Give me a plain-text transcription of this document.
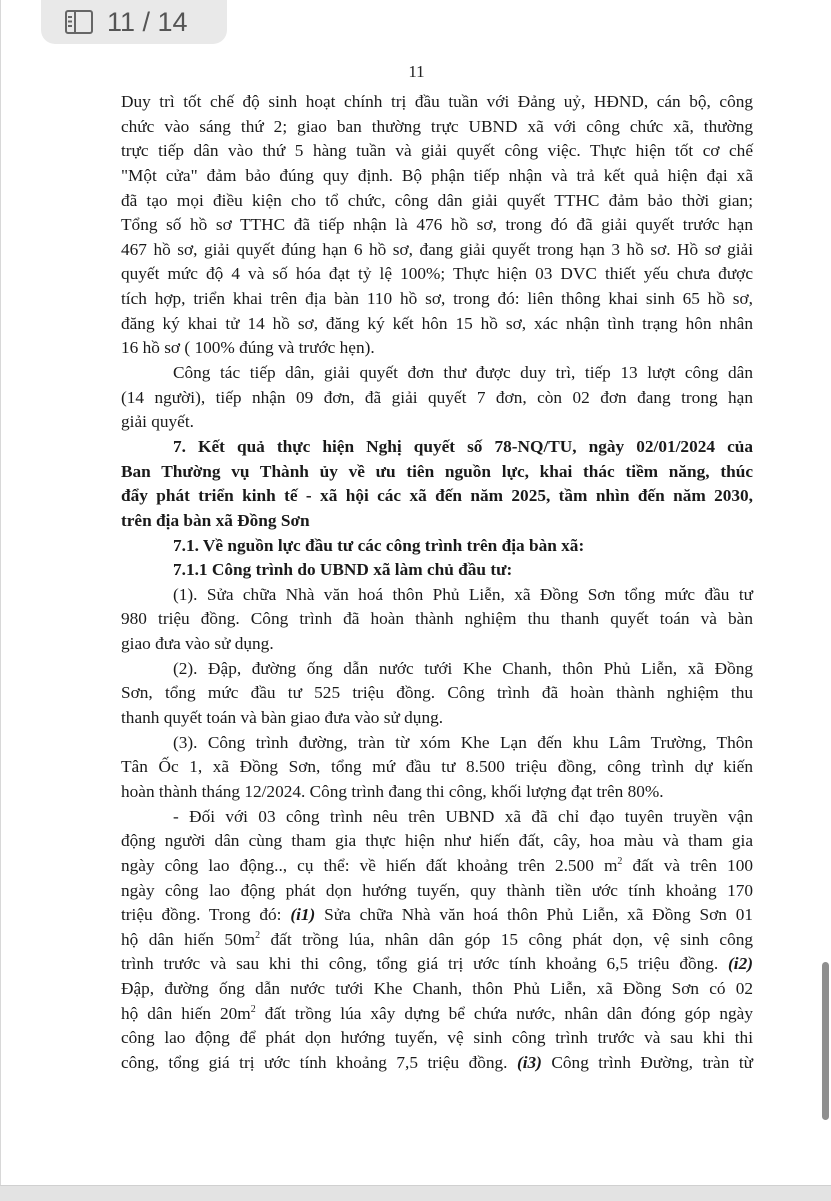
11 / 14
11
Duy trì tốt chế độ sinh hoạt chính trị đầu tuần với Đảng uỷ, HĐND, cán bộ, công
chức vào sáng thứ 2; giao ban thường trực UBND xã với công chức xã, thường
trực tiếp dân vào thứ 5 hàng tuần và giải quyết công việc. Thực hiện tốt cơ chế
"Một cửa" đảm bảo đúng quy định. Bộ phận tiếp nhận và trả kết quả hiện đại xã
đã tạo mọi điều kiện cho tổ chức, công dân giải quyết TTHC đảm bảo thời gian;
Tổng số hồ sơ TTHC đã tiếp nhận là 476 hồ sơ, trong đó đã giải quyết trước hạn
467 hồ sơ, giải quyết đúng hạn 6 hồ sơ, đang giải quyết trong hạn 3 hồ sơ. Hồ sơ giải
quyết mức độ 4 và số hóa đạt tỷ lệ 100%; Thực hiện 03 DVC thiết yếu chưa được
tích hợp, triển khai trên địa bàn 110 hồ sơ, trong đó: liên thông khai sinh 65 hồ sơ,
đăng ký khai tử 14 hồ sơ, đăng ký kết hôn 15 hồ sơ, xác nhận tình trạng hôn nhân
16 hồ sơ ( 100% đúng và trước hẹn).
Công tác tiếp dân, giải quyết đơn thư được duy trì, tiếp 13 lượt công dân
(14 người), tiếp nhận 09 đơn, đã giải quyết 7 đơn, còn 02 đơn đang trong hạn
giải quyết.
7. Kết quả thực hiện Nghị quyết số 78-NQ/TU, ngày 02/01/2024 của
Ban Thường vụ Thành ủy về ưu tiên nguồn lực, khai thác tiềm năng, thúc
đẩy phát triển kinh tế - xã hội các xã đến năm 2025, tầm nhìn đến năm 2030,
trên địa bàn xã Đồng Sơn
7.1. Về nguồn lực đầu tư các công trình trên địa bàn xã:
7.1.1 Công trình do UBND xã làm chủ đầu tư:
(1). Sửa chữa Nhà văn hoá thôn Phủ Liễn, xã Đồng Sơn tổng mức đầu tư
980 triệu đồng. Công trình đã hoàn thành nghiệm thu thanh quyết toán và bàn
giao đưa vào sử dụng.
(2). Đập, đường ống dẫn nước tưới Khe Chanh, thôn Phủ Liễn, xã Đồng
Sơn, tổng mức đầu tư 525 triệu đồng. Công trình đã hoàn thành nghiệm thu
thanh quyết toán và bàn giao đưa vào sử dụng.
(3). Công trình đường, tràn từ xóm Khe Lạn đến khu Lâm Trường, Thôn
Tân Ốc 1, xã Đồng Sơn, tổng mứ đầu tư 8.500 triệu đồng, công trình dự kiến
hoàn thành tháng 12/2024. Công trình đang thi công, khối lượng đạt trên 80%.
- Đối với 03 công trình nêu trên UBND xã đã chỉ đạo tuyên truyền vận
động người dân cùng tham gia thực hiện như hiến đất, cây, hoa màu và tham gia
ngày công lao động.., cụ thể: về hiến đất khoảng trên 2.500 $m^2$ đất và trên 100
ngày công lao động phát dọn hướng tuyến, quy thành tiền ước tính khoảng 170
triệu đồng. Trong đó: (i1) Sửa chữa Nhà văn hoá thôn Phủ Liễn, xã Đồng Sơn 01
hộ dân hiến $50m^2$ đất trồng lúa, nhân dân góp 15 công phát dọn, vệ sinh công
trình trước và sau khi thi công, tổng giá trị ước tính khoảng 6,5 triệu đồng. (i2)
Đập, đường ống dẫn nước tưới Khe Chanh, thôn Phủ Liễn, xã Đồng Sơn có 02
hộ dân hiến $20m^2$ đất trồng lúa xây dựng bể chứa nước, nhân dân đóng góp ngày
công lao động để phát dọn hướng tuyến, vệ sinh công trình trước và sau khi thi
công, tổng giá trị ước tính khoảng 7,5 triệu đồng. (i3) Công trình Đường, tràn từ
